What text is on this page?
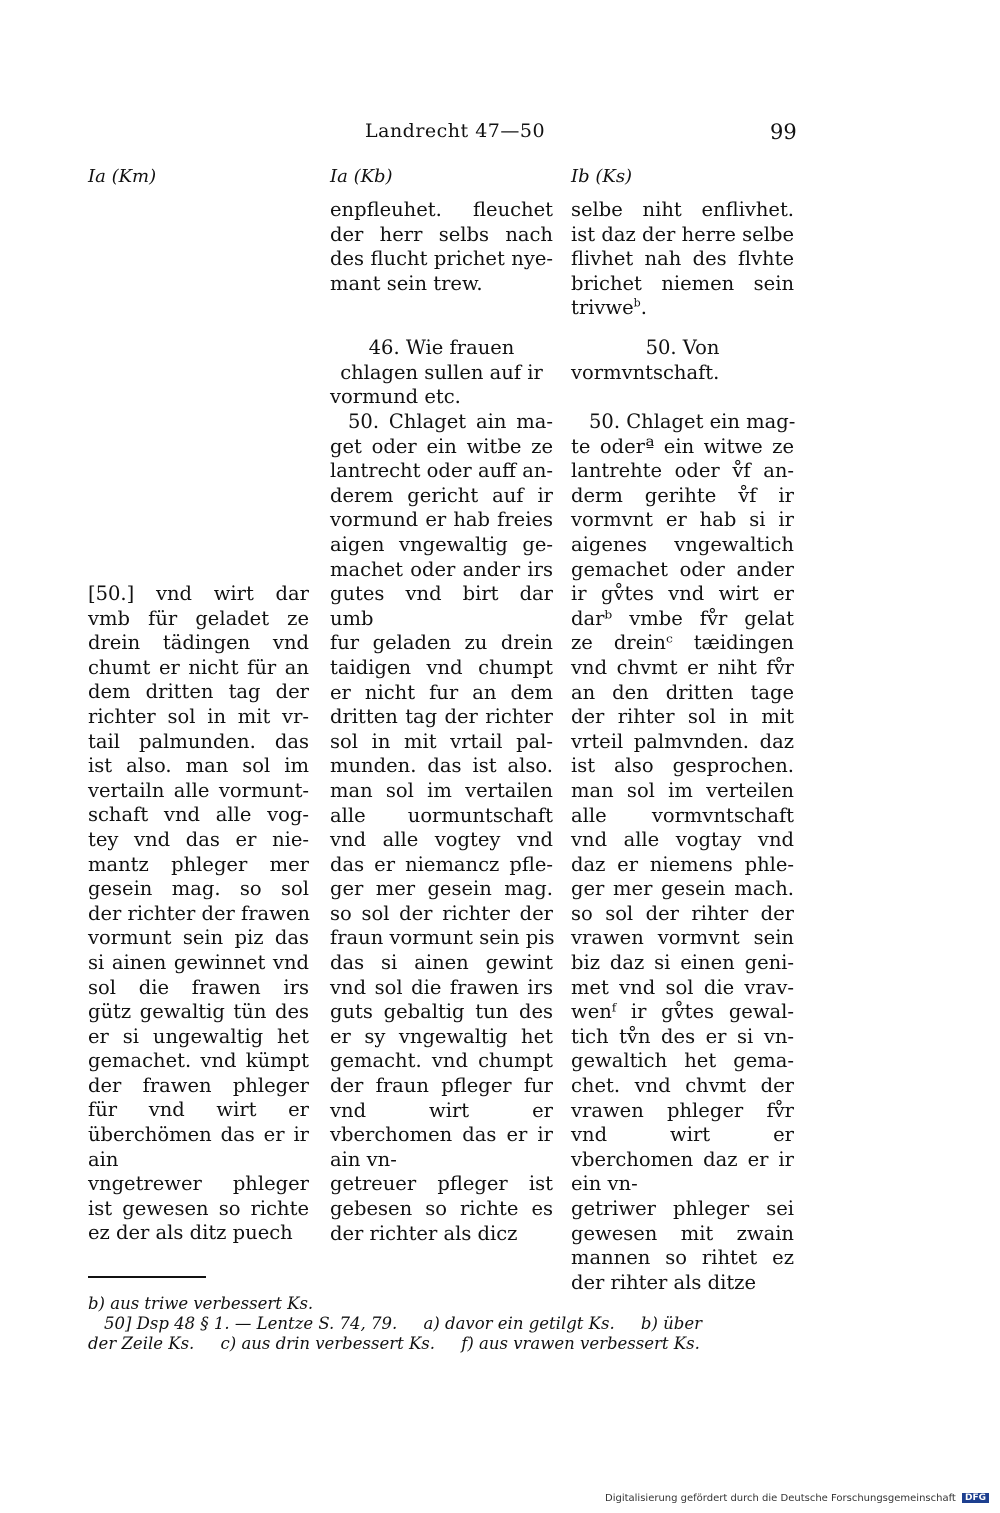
Landrecht 47—50	99
Ia (Km)	Ia (Kb)	Ib (Ks)
[50.] vnd wirt dar
vmb für geladet ze
drein tädingen vnd
chumt er nicht für an
dem dritten tag der
richter sol in mit vr-
tail palmunden. das
ist also. man sol im
vertailn alle vormunt-
schaft vnd alle vog-
tey vnd das er nie-
mantz phleger mer
gesein mag. so sol
der richter der frawen
vormunt sein piz das
si ainen gewinnet vnd
sol die frawen irs
gütz gewaltig tün des
er si ungewaltig het
gemachet. vnd kümpt
der frawen phleger
für vnd wirt er überchömen das er ir ain
vngetrewer phleger
ist gewesen so richte
ez der als ditz puech
enpfleuhet. fleuchet
der herr selbs nach
des flucht prichet nye-
mant sein trew.
46. Wie frauen
chlagen sullen auf ir
vormund etc.
50. Chlaget ain ma-
get oder ein witbe ze
lantrecht oder auff an-
derem gericht auf ir
vormund er hab freies
aigen vngewaltig ge-
machet oder ander irs
gutes vnd birt dar umb
fur geladen zu drein
taidigen vnd chumpt
er nicht fur an dem
dritten tag der richter
sol in mit vrtail pal-
munden. das ist also.
man sol im vertailen
alle uormuntschaft
vnd alle vogtey vnd
das er niemancz pfle-
ger mer gesein mag.
so sol der richter der
fraun vormunt sein pis
das si ainen gewint
vnd sol die frawen irs
guts gebaltig tun des
er sy vngewaltig het
gemacht. vnd chumpt
der fraun pfleger fur
vnd wirt er vberchomen das er ir ain vn-
getreuer pfleger ist
gebesen so richte es
der richter als dicz
selbe niht enflivhet.
ist daz der herre selbe
flivhet nah des flvhte
brichet niemen sein
trivwe$^b$.
50. Von
vormvntschaft.
50. Chlaget ein mag-
te oderª ein witwe ze
lantrehte oder v̊f an-
derm gerihte v̊f ir
vormvnt er hab si ir
aigenes vngewaltich
gemachet oder ander
ir gv̊tes vnd wirt er
darᵇ vmbe fv̊r gelat
ze dreinᶜ tæidingen
vnd chvmt er niht fv̊r
an den dritten tage
der rihter sol in mit
vrteil palmvnden. daz
ist also gesprochen.
man sol im verteilen
alle vormvntschaft
vnd alle vogtay vnd
daz er niemens phle-
ger mer gesein mach.
so sol der rihter der
vrawen vormvnt sein
biz daz si einen geni-
met vnd sol die vrav-
wenᶠ ir gv̊tes gewal-
tich tv̊n des er si vn-
gewaltich het gema-
chet. vnd chvmt der
vrawen phleger fv̊r
vnd wirt er vberchomen daz er ir ein vn-
getriwer phleger sei
gewesen mit zwain
mannen so rihtet ez
der rihter als ditze
b) aus triwe verbessert Ks.
50] Dsp 48 § 1. — Lentze S. 74, 79.     a) davor ein getilgt Ks.     b) über
der Zeile Ks.     c) aus drin verbessert Ks.     f) aus vrawen verbessert Ks.
Digitalisierung gefördert durch die Deutsche Forschungsgemeinschaft DFG
